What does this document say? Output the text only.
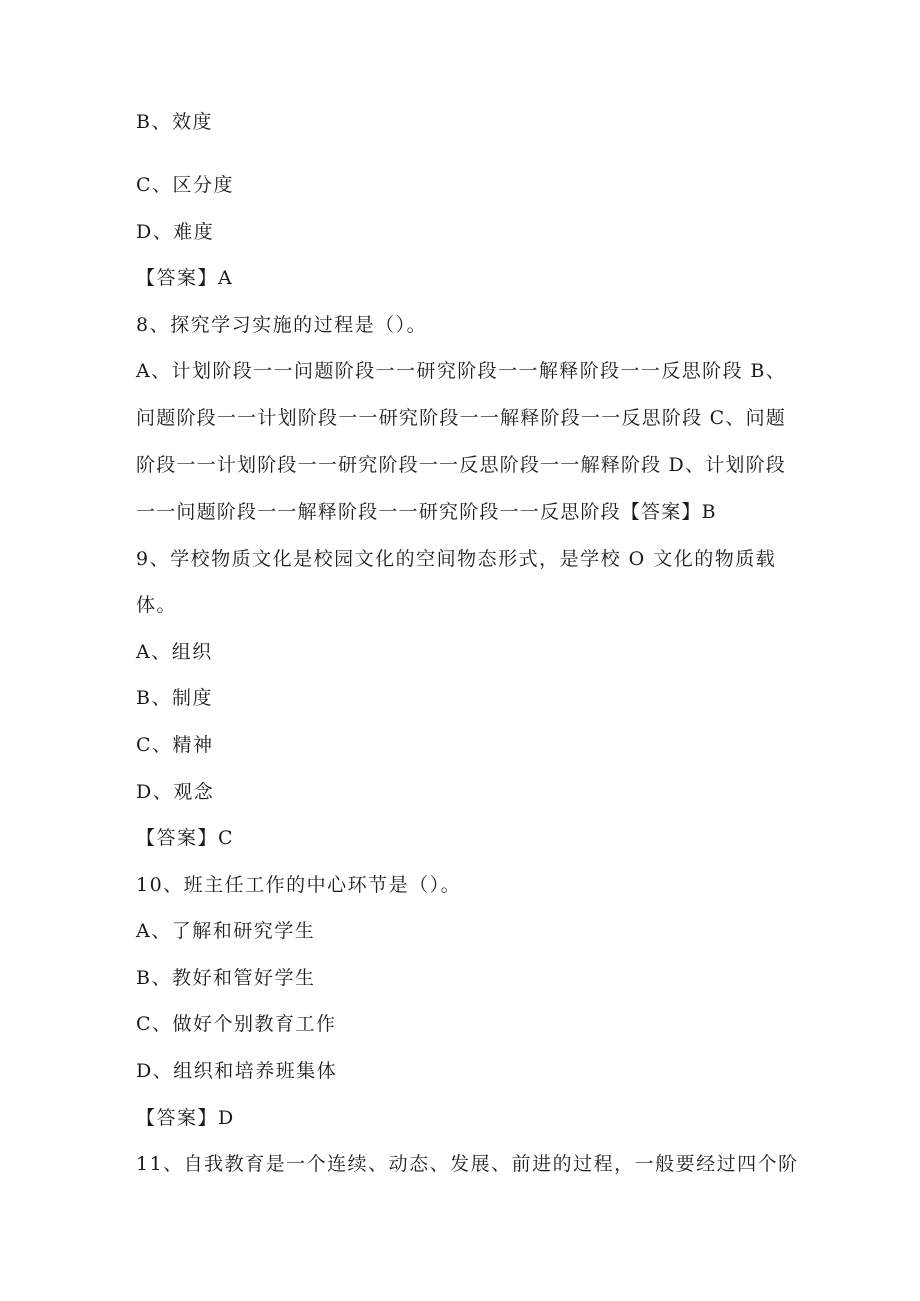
B、效度
C、区分度
D、难度
【答案】A
8、探究学习实施的过程是（）。
A、计划阶段一一问题阶段一一研究阶段一一解释阶段一一反思阶段 B、问题阶段一一计划阶段一一研究阶段一一解释阶段一一反思阶段 C、问题阶段一一计划阶段一一研究阶段一一反思阶段一一解释阶段 D、计划阶段一一问题阶段一一解释阶段一一研究阶段一一反思阶段【答案】B
9、学校物质文化是校园文化的空间物态形式，是学校 O 文化的物质载
体。
A、组织
B、制度
C、精神
D、观念
【答案】C
10、班主任工作的中心环节是（）。
A、了解和研究学生
B、教好和管好学生
C、做好个别教育工作
D、组织和培养班集体
【答案】D
11、自我教育是一个连续、动态、发展、前进的过程，一般要经过四个阶
